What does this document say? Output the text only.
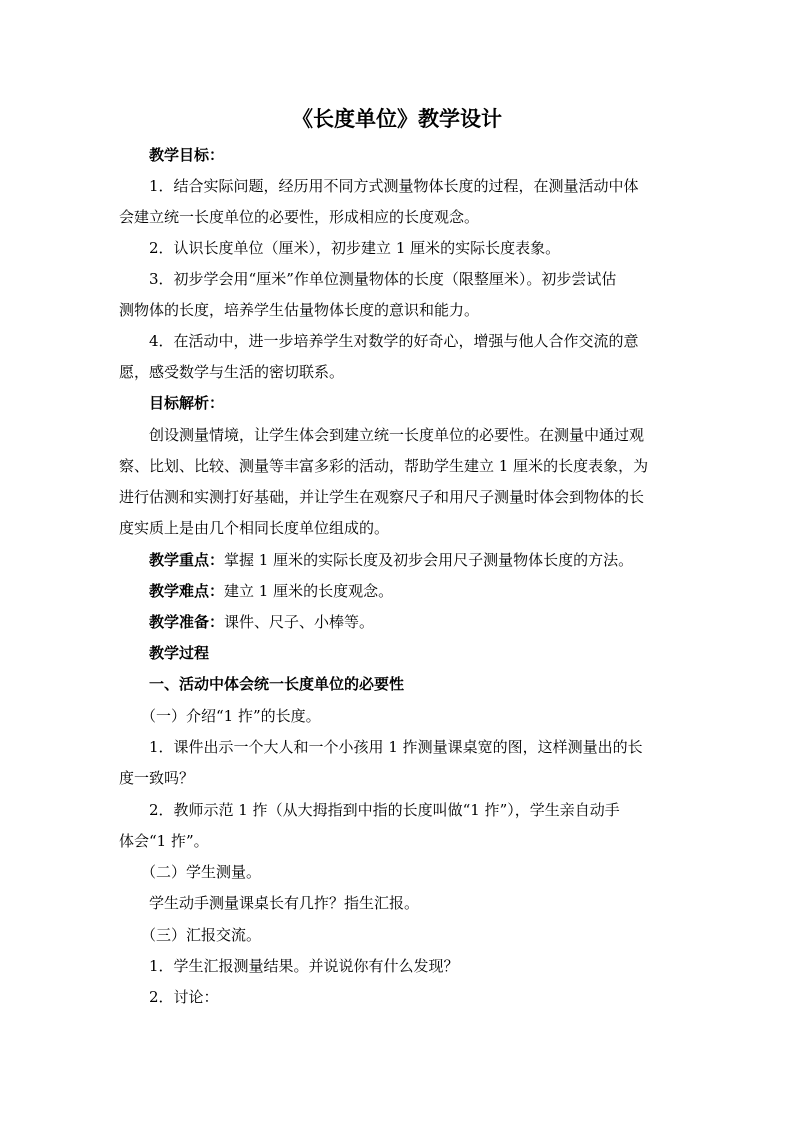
《长度单位》教学设计
教学目标：
1．结合实际问题，经历用不同方式测量物体长度的过程，在测量活动中体
会建立统一长度单位的必要性，形成相应的长度观念。
2．认识长度单位（厘米），初步建立 1 厘米的实际长度表象。
3．初步学会用“厘米”作单位测量物体的长度（限整厘米）。初步尝试估
测物体的长度，培养学生估量物体长度的意识和能力。
4．在活动中，进一步培养学生对数学的好奇心，增强与他人合作交流的意
愿，感受数学与生活的密切联系。
目标解析：
创设测量情境，让学生体会到建立统一长度单位的必要性。在测量中通过观
察、比划、比较、测量等丰富多彩的活动，帮助学生建立 1 厘米的长度表象，为
进行估测和实测打好基础，并让学生在观察尺子和用尺子测量时体会到物体的长
度实质上是由几个相同长度单位组成的。
教学重点：掌握 1 厘米的实际长度及初步会用尺子测量物体长度的方法。
教学难点：建立 1 厘米的长度观念。
教学准备：课件、尺子、小棒等。
教学过程
一、活动中体会统一长度单位的必要性
（一）介绍“1 拃”的长度。
1．课件出示一个大人和一个小孩用 1 拃测量课桌宽的图，这样测量出的长
度一致吗？
2．教师示范 1 拃（从大拇指到中指的长度叫做“1 拃”），学生亲自动手
体会“1 拃”。
（二）学生测量。
学生动手测量课桌长有几拃？指生汇报。
（三）汇报交流。
1．学生汇报测量结果。并说说你有什么发现？
2．讨论：
